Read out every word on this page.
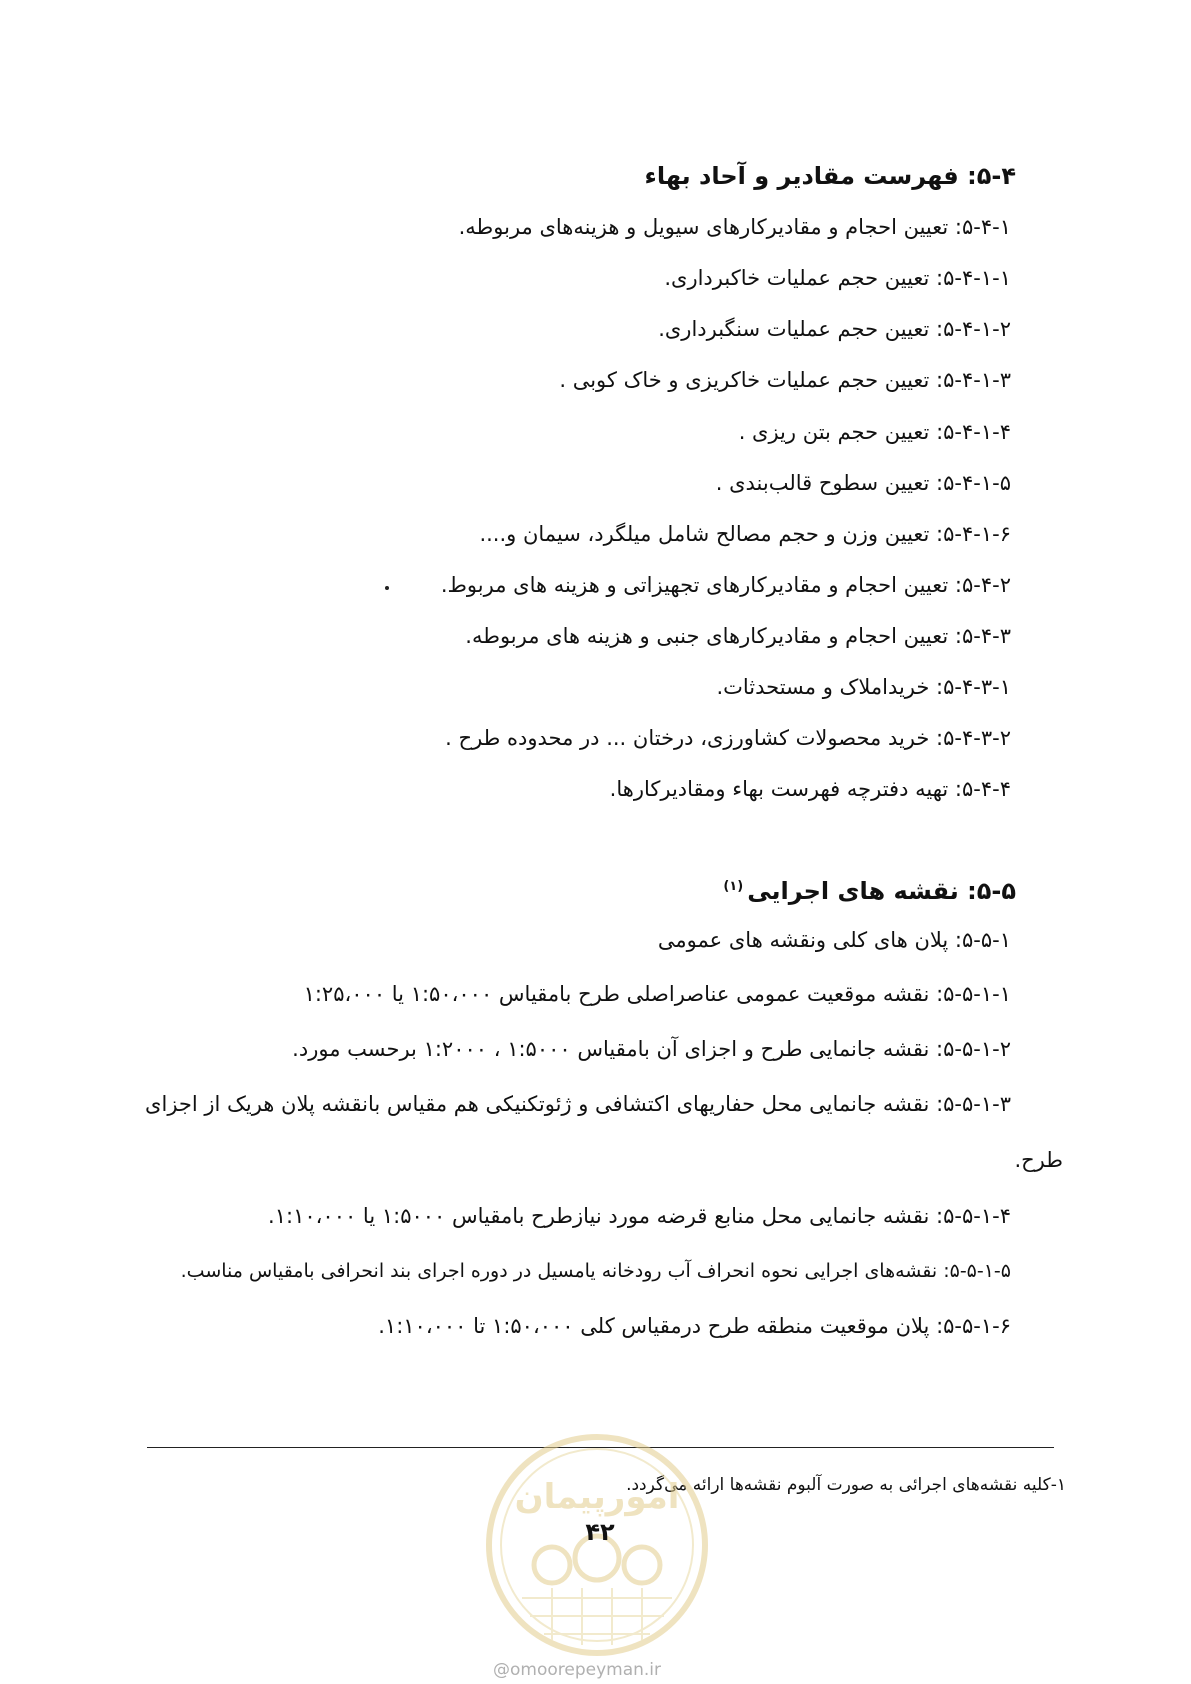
۵-۴: فهرست مقادیر و آحاد بهاء
۵-۴-۱: تعیین احجام و مقادیرکارهای سیویل و هزینه‌های مربوطه.
۵-۴-۱-۱: تعیین حجم عملیات خاکبرداری.
۵-۴-۱-۲: تعیین حجم عملیات سنگبرداری.
۵-۴-۱-۳: تعیین حجم عملیات خاکریزی و خاک کوبی .
۵-۴-۱-۴: تعیین حجم بتن ریزی .
۵-۴-۱-۵: تعیین سطوح قالب‌بندی .
۵-۴-۱-۶: تعیین وزن و حجم مصالح شامل میلگرد، سیمان و....
۵-۴-۲: تعیین احجام و مقادیرکارهای تجهیزاتی و هزینه های مربوط.
۵-۴-۳: تعیین احجام و مقادیرکارهای جنبی و هزینه های مربوطه.
۵-۴-۳-۱: خریداملاک و مستحدثات.
۵-۴-۳-۲: خرید محصولات کشاورزی، درختان ... در محدوده طرح .
۵-۴-۴: تهیه دفترچه فهرست بهاء ومقادیرکارها.
۵-۵: نقشه های اجرایی$^{(۱)}$
۵-۵-۱: پلان های کلی ونقشه های عمومی
۵-۵-۱-۱: نقشه موقعیت عمومی عناصراصلی طرح بامقیاس ۱:۵۰،۰۰۰ یا ۱:۲۵،۰۰۰
۵-۵-۱-۲: نقشه جانمایی طرح و اجزای آن بامقیاس ۱:۵۰۰۰ ، ۱:۲۰۰۰ برحسب مورد.
۵-۵-۱-۳: نقشه جانمایی محل حفاریهای اکتشافی و ژئوتکنیکی هم مقیاس بانقشه پلان هریک از اجزای
طرح.
۵-۵-۱-۴: نقشه جانمایی محل منابع قرضه مورد نیازطرح بامقیاس ۱:۵۰۰۰ یا ۱:۱۰،۰۰۰.
۵-۵-۱-۵: نقشه‌های اجرایی نحوه انحراف آب رودخانه یامسیل در دوره اجرای بند انحرافی بامقیاس مناسب.
۵-۵-۱-۶: پلان موقعیت منطقه طرح درمقیاس کلی ۱:۵۰،۰۰۰ تا ۱:۱۰،۰۰۰.
۱-کلیه نقشه‌های اجرائی به صورت آلبوم نقشه‌ها ارائه می‌گردد.
امورپیمان
۴۲
@omoorepeyman.ir
